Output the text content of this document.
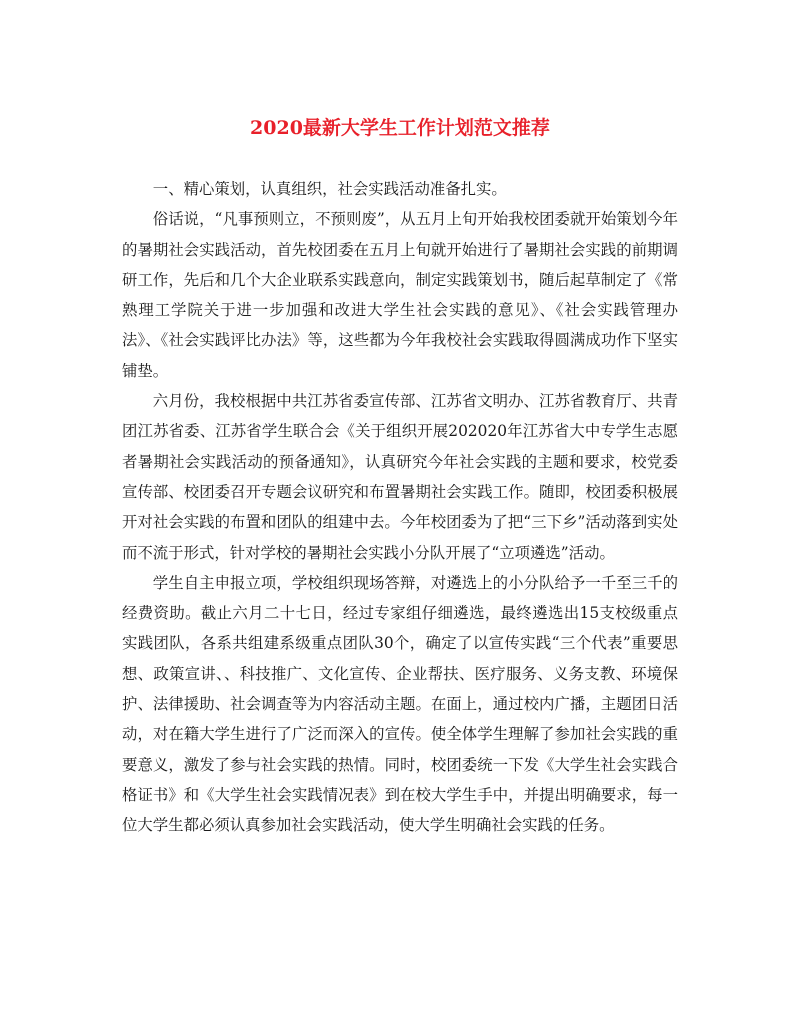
2020最新大学生工作计划范文推荐

一、精心策划，认真组织，社会实践活动准备扎实。

俗话说，“凡事预则立，不预则废”，从五月上旬开始我校团委就开始策划今年的暑期社会实践活动，首先校团委在五月上旬就开始进行了暑期社会实践的前期调研工作，先后和几个大企业联系实践意向，制定实践策划书，随后起草制定了《常熟理工学院关于进一步加强和改进大学生社会实践的意见》、《社会实践管理办法》、《社会实践评比办法》等，这些都为今年我校社会实践取得圆满成功作下坚实铺垫。

六月份，我校根据中共江苏省委宣传部、江苏省文明办、江苏省教育厅、共青团江苏省委、江苏省学生联合会《关于组织开展202020年江苏省大中专学生志愿者暑期社会实践活动的预备通知》，认真研究今年社会实践的主题和要求，校党委宣传部、校团委召开专题会议研究和布置暑期社会实践工作。随即，校团委积极展开对社会实践的布置和团队的组建中去。今年校团委为了把“三下乡”活动落到实处而不流于形式，针对学校的暑期社会实践小分队开展了“立项遴选”活动。

学生自主申报立项，学校组织现场答辩，对遴选上的小分队给予一千至三千的经费资助。截止六月二十七日，经过专家组仔细遴选，最终遴选出15支校级重点实践团队，各系共组建系级重点团队30个，确定了以宣传实践“三个代表”重要思想、政策宣讲、、科技推广、文化宣传、企业帮扶、医疗服务、义务支教、环境保护、法律援助、社会调查等为内容活动主题。在面上，通过校内广播，主题团日活动，对在籍大学生进行了广泛而深入的宣传。使全体学生理解了参加社会实践的重要意义，激发了参与社会实践的热情。同时，校团委统一下发《大学生社会实践合格证书》和《大学生社会实践情况表》到在校大学生手中，并提出明确要求，每一位大学生都必须认真参加社会实践活动，使大学生明确社会实践的任务。
